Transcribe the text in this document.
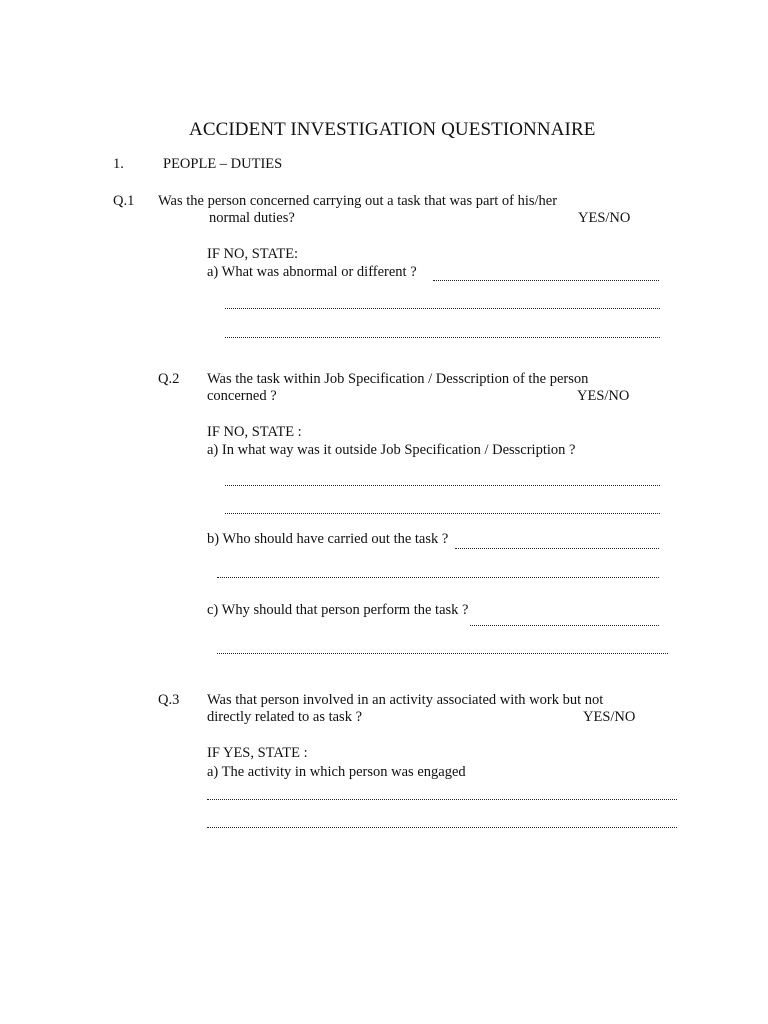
ACCIDENT INVESTIGATION QUESTIONNAIRE
1.	PEOPLE – DUTIES
Q.1 Was the person concerned carrying out a task that was part of his/her
normal duties?	YES/NO
IF NO, STATE:
a) What was abnormal or different ?
Q.2 Was the task within Job Specification / Desscription of the person
concerned ?	YES/NO
IF NO, STATE :
a) In what way was it outside Job Specification / Desscription ?
b) Who should have carried out the task ?
c) Why should that person perform the task ?
Q.3 Was that person involved in an activity associated with work but not
directly related to as task ?	YES/NO
IF YES, STATE :
a) The activity in which person was engaged
